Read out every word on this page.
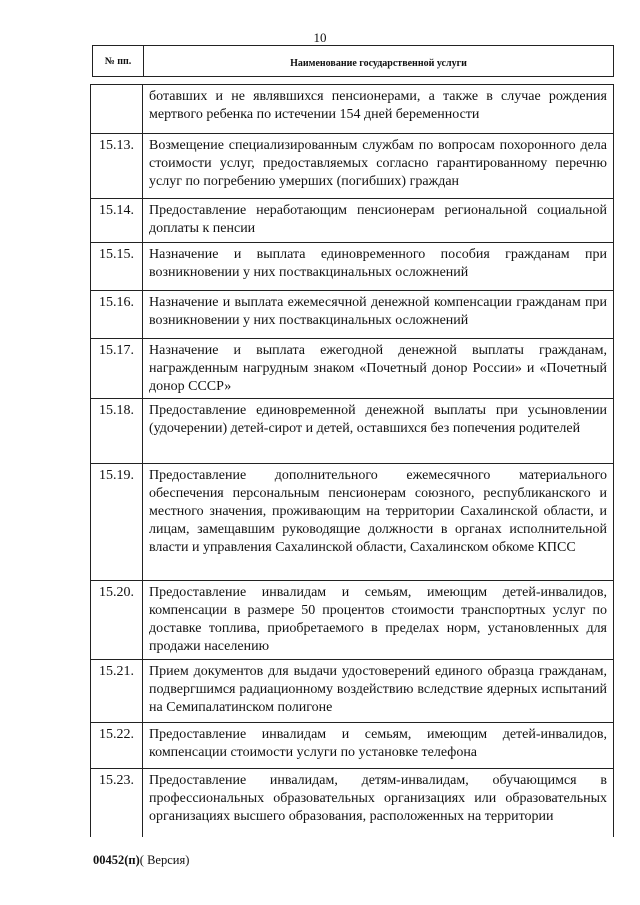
10
№ пп.	Наименование государственной услуги
ботавших и не являвшихся пенсионерами, а также в случае рождения мертвого ребенка по истечении 154 дней беременности
15.13.	Возмещение специализированным службам по вопросам похоронного дела стоимости услуг, предоставляемых согласно гарантированному перечню услуг по погребению умерших (погибших) граждан
15.14.	Предоставление неработающим пенсионерам региональной социальной доплаты к пенсии
15.15.	Назначение и выплата единовременного пособия гражданам при возникновении у них поствакцинальных осложнений
15.16.	Назначение и выплата ежемесячной денежной компенсации гражданам при возникновении у них поствакцинальных осложнений
15.17.	Назначение и выплата ежегодной денежной выплаты гражданам, награжденным нагрудным знаком «Почетный донор России» и «Почетный донор СССР»
15.18.	Предоставление единовременной денежной выплаты при усыновлении (удочерении) детей-сирот и детей, оставшихся без попечения родителей
15.19.	Предоставление дополнительного ежемесячного материального обеспечения персональным пенсионерам союзного, республиканского и местного значения, проживающим на территории Сахалинской области, и лицам, замещавшим руководящие должности в органах исполнительной власти и управления Сахалинской области, Сахалинском обкоме КПСС
15.20.	Предоставление инвалидам и семьям, имеющим детей-инвалидов, компенсации в размере 50 процентов стоимости транспортных услуг по доставке топлива, приобретаемого в пределах норм, установленных для продажи населению
15.21.	Прием документов для выдачи удостоверений единого образца гражданам, подвергшимся радиационному воздействию вследствие ядерных испытаний на Семипалатинском полигоне
15.22.	Предоставление инвалидам и семьям, имеющим детей-инвалидов, компенсации стоимости услуги по установке телефона
15.23.	Предоставление инвалидам, детям-инвалидам, обучающимся в профессиональных образовательных организациях или образовательных организациях высшего образования, расположенных на территории
00452(п)( Версия)
